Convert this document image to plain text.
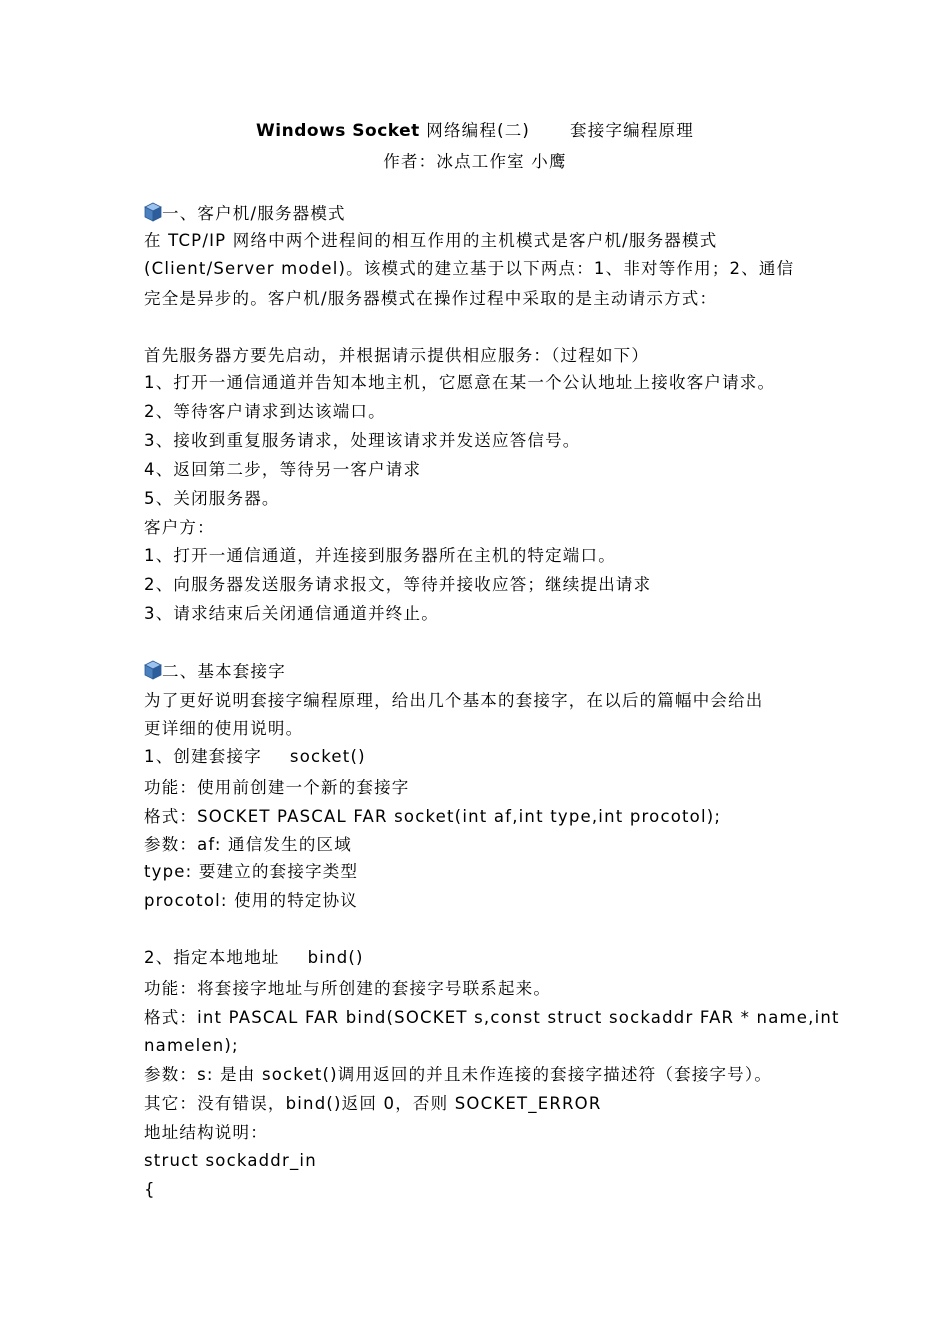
Windows Socket 网络编程(二) 套接字编程原理
作者：冰点工作室 小鹰
一、客户机/服务器模式
在 TCP/IP 网络中两个进程间的相互作用的主机模式是客户机/服务器模式
(Client/Server model)。该模式的建立基于以下两点：1、非对等作用；2、通信
完全是异步的。客户机/服务器模式在操作过程中采取的是主动请示方式：
首先服务器方要先启动，并根据请示提供相应服务：（过程如下）
1、打开一通信通道并告知本地主机，它愿意在某一个公认地址上接收客户请求。
2、等待客户请求到达该端口。
3、接收到重复服务请求，处理该请求并发送应答信号。
4、返回第二步，等待另一客户请求
5、关闭服务器。
客户方：
1、打开一通信通道，并连接到服务器所在主机的特定端口。
2、向服务器发送服务请求报文，等待并接收应答；继续提出请求
3、请求结束后关闭通信通道并终止。
二、基本套接字
为了更好说明套接字编程原理，给出几个基本的套接字，在以后的篇幅中会给出
更详细的使用说明。
1、创建套接字 socket()
功能：使用前创建一个新的套接字
格式：SOCKET PASCAL FAR socket(int af,int type,int procotol);
参数：af: 通信发生的区域
type: 要建立的套接字类型
procotol: 使用的特定协议
2、指定本地地址 bind()
功能：将套接字地址与所创建的套接字号联系起来。
格式：int PASCAL FAR bind(SOCKET s,const struct sockaddr FAR * name,int
namelen);
参数：s: 是由 socket()调用返回的并且未作连接的套接字描述符（套接字号）。
其它：没有错误，bind()返回 0，否则 SOCKET_ERROR
地址结构说明：
struct sockaddr_in
{
